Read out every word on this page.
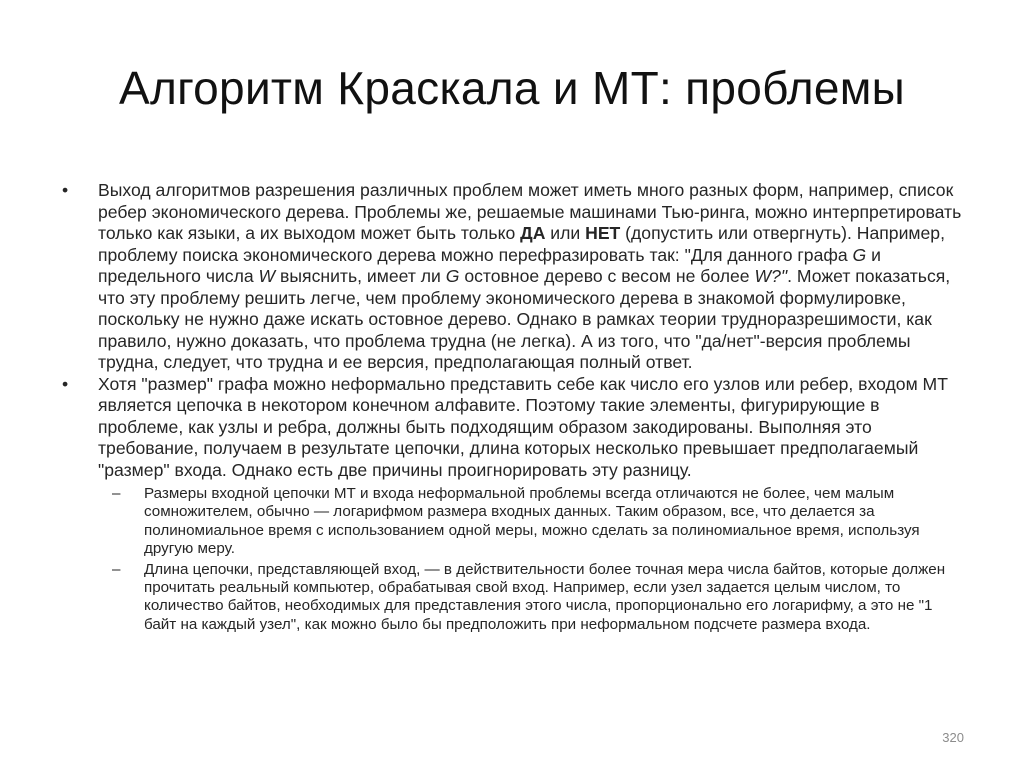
Алгоритм Краскала и МТ: проблемы
•	Выход алгоритмов разрешения различных проблем может иметь много разных форм, например, список ребер экономического дерева. Проблемы же, решаемые машинами Тью-ринга, можно интерпретировать только как языки, а их выходом может быть только ДА или НЕТ (допустить или отвергнуть). Например, проблему поиска экономического дерева можно перефразировать так: "Для данного графа G и предельного числа W выяснить, имеет ли G остовное дерево с весом не более W?". Может показаться, что эту проблему решить легче, чем проблему экономического дерева в знакомой формулировке, поскольку не нужно даже искать остовное дерево. Однако в рамках теории трудноразрешимости, как правило, нужно доказать, что проблема трудна (не легка). А из того, что "да/нет"-версия проблемы трудна, следует, что трудна и ее версия, предполагающая полный ответ.
•	Хотя "размер" графа можно неформально представить себе как число его узлов или ребер, входом МТ является цепочка в некотором конечном алфавите. Поэтому такие элементы, фигурирующие в проблеме, как узлы и ребра, должны быть подходящим образом закодированы. Выполняя это требование, получаем в результате цепочки, длина которых несколько превышает предполагаемый "размер" входа. Однако есть две причины проигнорировать эту разницу.
–	Размеры входной цепочки МТ и входа неформальной проблемы всегда отличаются не более, чем малым сомножителем, обычно — логарифмом размера входных данных. Таким образом, все, что делается за полиномиальное время с использованием одной меры, можно сделать за полиномиальное время, используя другую меру.
–	Длина цепочки, представляющей вход, — в действительности более точная мера числа байтов, которые должен прочитать реальный компьютер, обрабатывая свой вход. Например, если узел задается целым числом, то количество байтов, необходимых для представления этого числа, пропорционально его логарифму, а это не "1 байт на каждый узел", как можно было бы предположить при неформальном подсчете размера входа.
320
